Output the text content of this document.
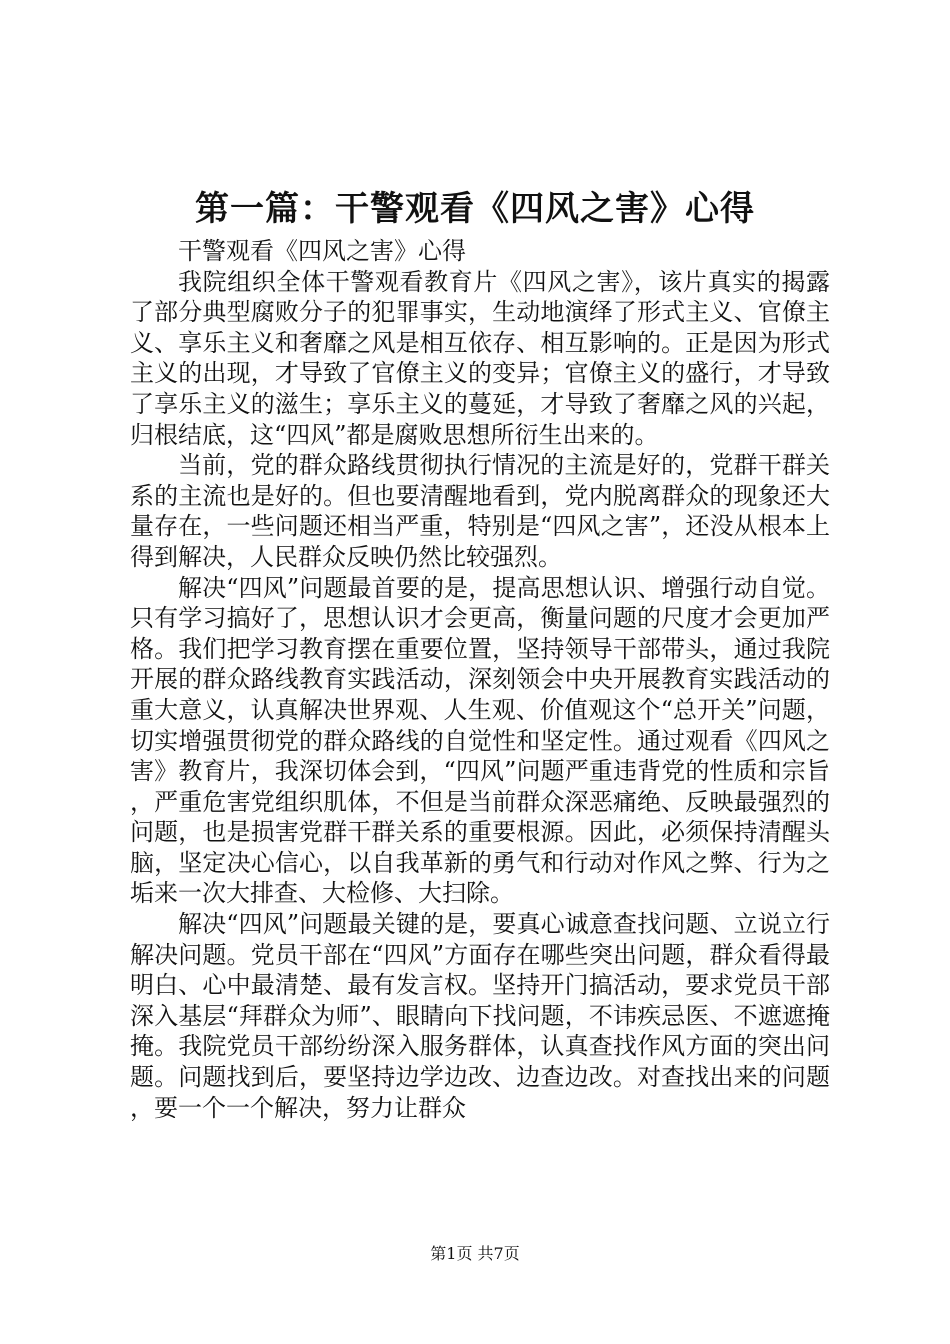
第一篇：干警观看《四风之害》心得

干警观看《四风之害》心得

我院组织全体干警观看教育片《四风之害》，该片真实的揭露了部分典型腐败分子的犯罪事实，生动地演绎了形式主义、官僚主义、享乐主义和奢靡之风是相互依存、相互影响的。正是因为形式主义的出现，才导致了官僚主义的变异；官僚主义的盛行，才导致了享乐主义的滋生；享乐主义的蔓延，才导致了奢靡之风的兴起，归根结底，这“四风”都是腐败思想所衍生出来的。

当前，党的群众路线贯彻执行情况的主流是好的，党群干群关系的主流也是好的。但也要清醒地看到，党内脱离群众的现象还大量存在，一些问题还相当严重，特别是“四风之害”，还没从根本上得到解决，人民群众反映仍然比较强烈。

解决“四风”问题最首要的是，提高思想认识、增强行动自觉。只有学习搞好了，思想认识才会更高，衡量问题的尺度才会更加严格。我们把学习教育摆在重要位置，坚持领导干部带头，通过我院开展的群众路线教育实践活动，深刻领会中央开展教育实践活动的重大意义，认真解决世界观、人生观、价值观这个“总开关”问题，切实增强贯彻党的群众路线的自觉性和坚定性。通过观看《四风之害》教育片，我深切体会到，“四风”问题严重违背党的性质和宗旨，严重危害党组织肌体，不但是当前群众深恶痛绝、反映最强烈的问题，也是损害党群干群关系的重要根源。因此，必须保持清醒头脑，坚定决心信心，以自我革新的勇气和行动对作风之弊、行为之垢来一次大排查、大检修、大扫除。

解决“四风”问题最关键的是，要真心诚意查找问题、立说立行解决问题。党员干部在“四风”方面存在哪些突出问题，群众看得最明白、心中最清楚、最有发言权。坚持开门搞活动，要求党员干部深入基层“拜群众为师”、眼睛向下找问题，不讳疾忌医、不遮遮掩掩。我院党员干部纷纷深入服务群体，认真查找作风方面的突出问题。问题找到后，要坚持边学边改、边查边改。对查找出来的问题，要一个一个解决，努力让群众

第1页 共7页
